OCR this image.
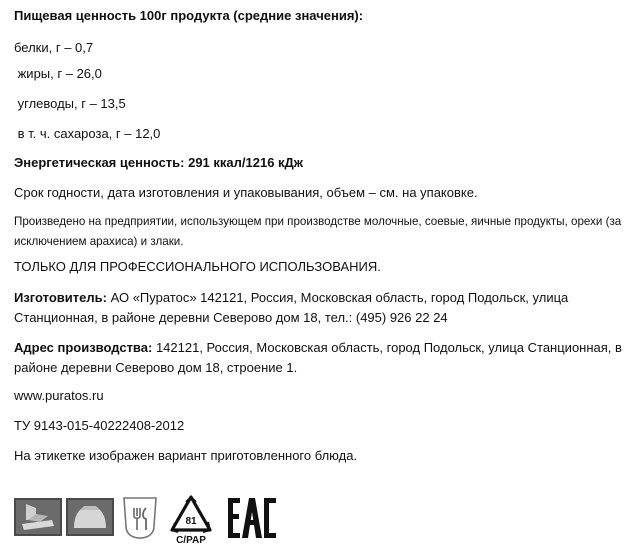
Пищевая ценность 100г продукта (средние значения):
белки, г – 0,7
жиры, г – 26,0
углеводы, г – 13,5
в т. ч. сахароза, г – 12,0
Энергетическая ценность: 291 ккал/1216 кДж
Срок годности, дата изготовления и упаковывания, объем – см. на упаковке.
Произведено на предприятии, использующем при производстве молочные, соевые, яичные продукты, орехи (за исключением арахиса) и злаки.
ТОЛЬКО ДЛЯ ПРОФЕССИОНАЛЬНОГО ИСПОЛЬЗОВАНИЯ.
Изготовитель: АО «Пуратос» 142121, Россия, Московская область, город Подольск, улица Станционная, в районе деревни Северово дом 18, тел.: (495) 926 22 24
Адрес производства: 142121, Россия, Московская область, город Подольск, улица Станционная, в районе деревни Северово дом 18, строение 1.
www.puratos.ru
ТУ 9143-015-40222408-2012
На этикетке изображен вариант приготовленного блюда.
81
C/PAP
